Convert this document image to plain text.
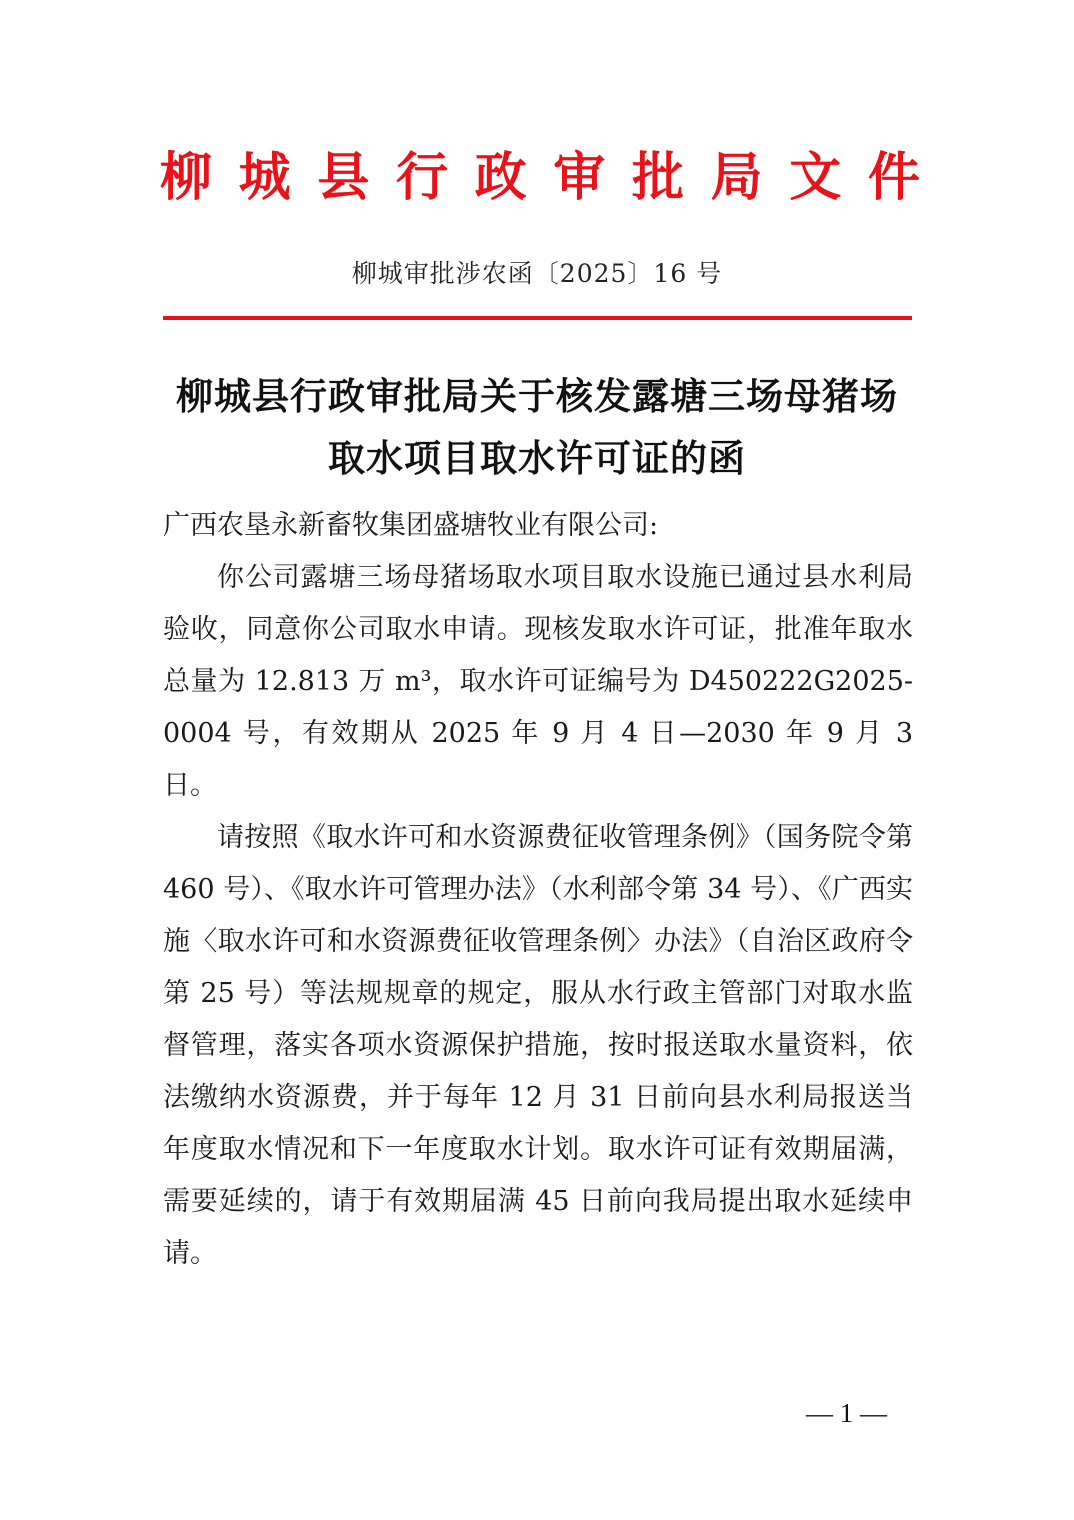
柳 城 县 行 政 审 批 局 文 件
柳城审批涉农函〔2025〕16 号
柳城县行政审批局关于核发露塘三场母猪场
取水项目取水许可证的函

广西农垦永新畜牧集团盛塘牧业有限公司:

你公司露塘三场母猪场取水项目取水设施已通过县水利局验收，同意你公司取水申请。现核发取水许可证，批准年取水总量为 12.813 万 m³，取水许可证编号为 D450222G2025-0004 号，有效期从 2025 年 9 月 4 日—2030 年 9 月 3 日。

请按照《取水许可和水资源费征收管理条例》（国务院令第 460 号）、《取水许可管理办法》（水利部令第 34 号）、《广西实施〈取水许可和水资源费征收管理条例〉办法》（自治区政府令第 25 号）等法规规章的规定，服从水行政主管部门对取水监督管理，落实各项水资源保护措施，按时报送取水量资料，依法缴纳水资源费，并于每年 12 月 31 日前向县水利局报送当年度取水情况和下一年度取水计划。取水许可证有效期届满，需要延续的，请于有效期届满 45 日前向我局提出取水延续申请。

— 1 —
